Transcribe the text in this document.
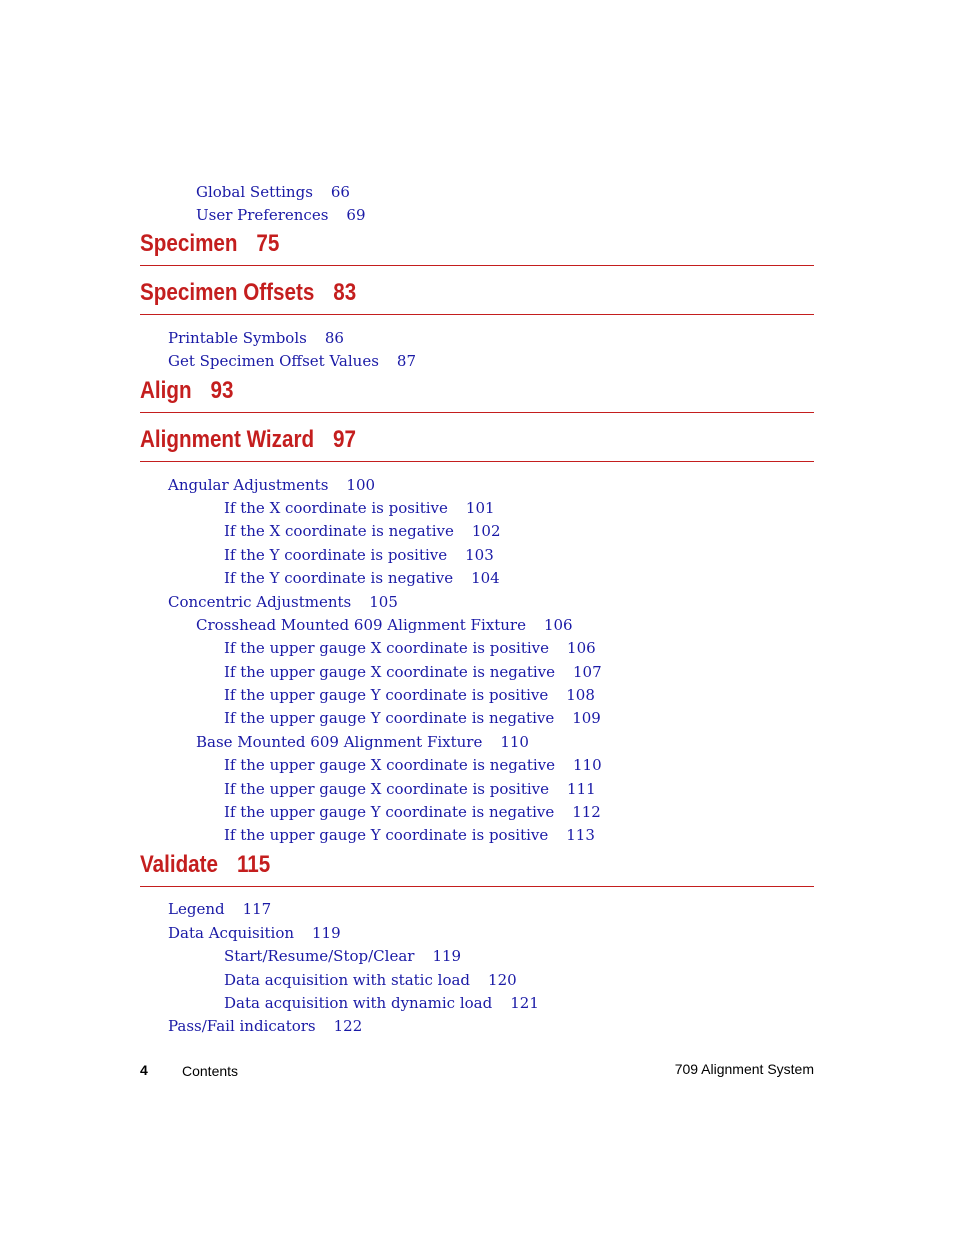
Global Settings 66
User Preferences 69
Specimen 75
Specimen Offsets 83
Printable Symbols 86
Get Specimen Offset Values 87
Align 93
Alignment Wizard 97
Angular Adjustments 100
If the X coordinate is positive 101
If the X coordinate is negative 102
If the Y coordinate is positive 103
If the Y coordinate is negative 104
Concentric Adjustments 105
Crosshead Mounted 609 Alignment Fixture 106
If the upper gauge X coordinate is positive 106
If the upper gauge X coordinate is negative 107
If the upper gauge Y coordinate is positive 108
If the upper gauge Y coordinate is negative 109
Base Mounted 609 Alignment Fixture 110
If the upper gauge X coordinate is negative 110
If the upper gauge X coordinate is positive 111
If the upper gauge Y coordinate is negative 112
If the upper gauge Y coordinate is positive 113
Validate 115
Legend 117
Data Acquisition 119
Start/Resume/Stop/Clear 119
Data acquisition with static load 120
Data acquisition with dynamic load 121
Pass/Fail indicators 122
4 Contents	709 Alignment System
